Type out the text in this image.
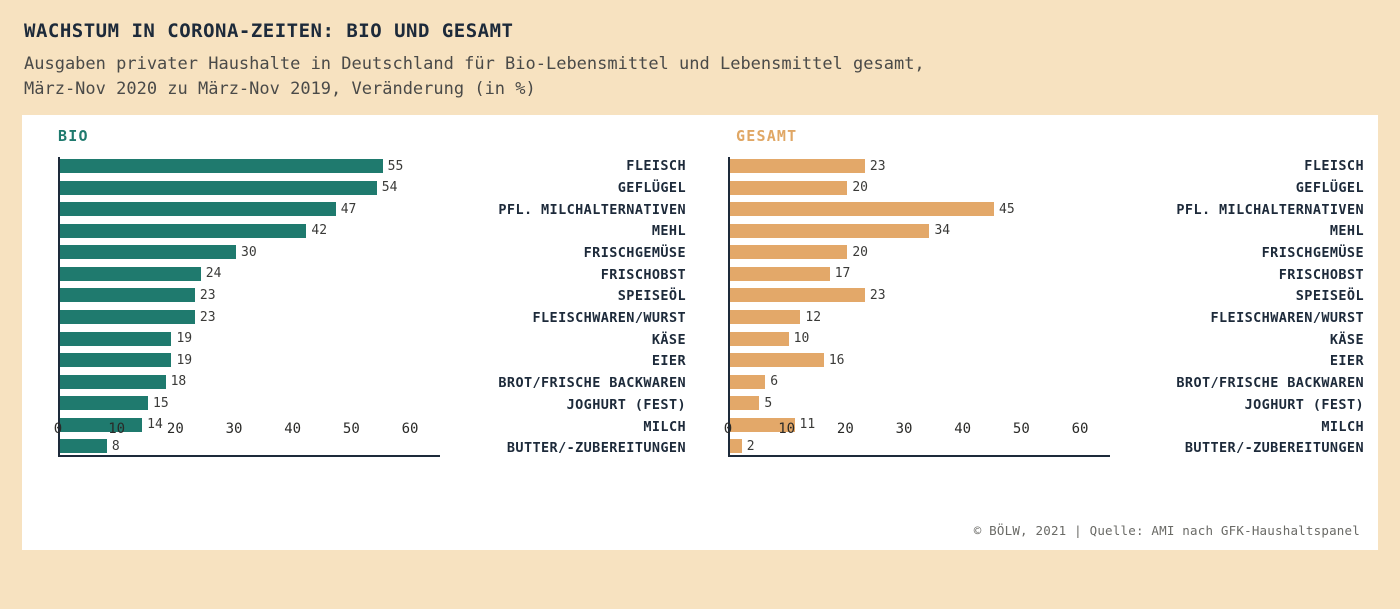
WACHSTUM IN CORONA-ZEITEN: BIO UND GESAMT
Ausgaben privater Haushalte in Deutschland für Bio-Lebensmittel und Lebensmittel gesamt, März-Nov 2020 zu März-Nov 2019, Veränderung (in %)
BIO
55
54
47
42
30
24
23
23
19
19
18
15
14
8
0	10	20	30	40	50	60
FLEISCH
GEFLÜGEL
PFL. MILCHALTERNATIVEN
MEHL
FRISCHGEMÜSE
FRISCHOBST
SPEISEÖL
FLEISCHWAREN/WURST
KÄSE
EIER
BROT/FRISCHE BACKWAREN
JOGHURT (FEST)
MILCH
BUTTER/-ZUBEREITUNGEN
GESAMT
23
20
45
34
20
17
23
12
10
16
6
5
11
2
0	10	20	30	40	50	60
FLEISCH
GEFLÜGEL
PFL. MILCHALTERNATIVEN
MEHL
FRISCHGEMÜSE
FRISCHOBST
SPEISEÖL
FLEISCHWAREN/WURST
KÄSE
EIER
BROT/FRISCHE BACKWAREN
JOGHURT (FEST)
MILCH
BUTTER/-ZUBEREITUNGEN
© BÖLW, 2021 | Quelle: AMI nach GFK-Haushaltspanel
